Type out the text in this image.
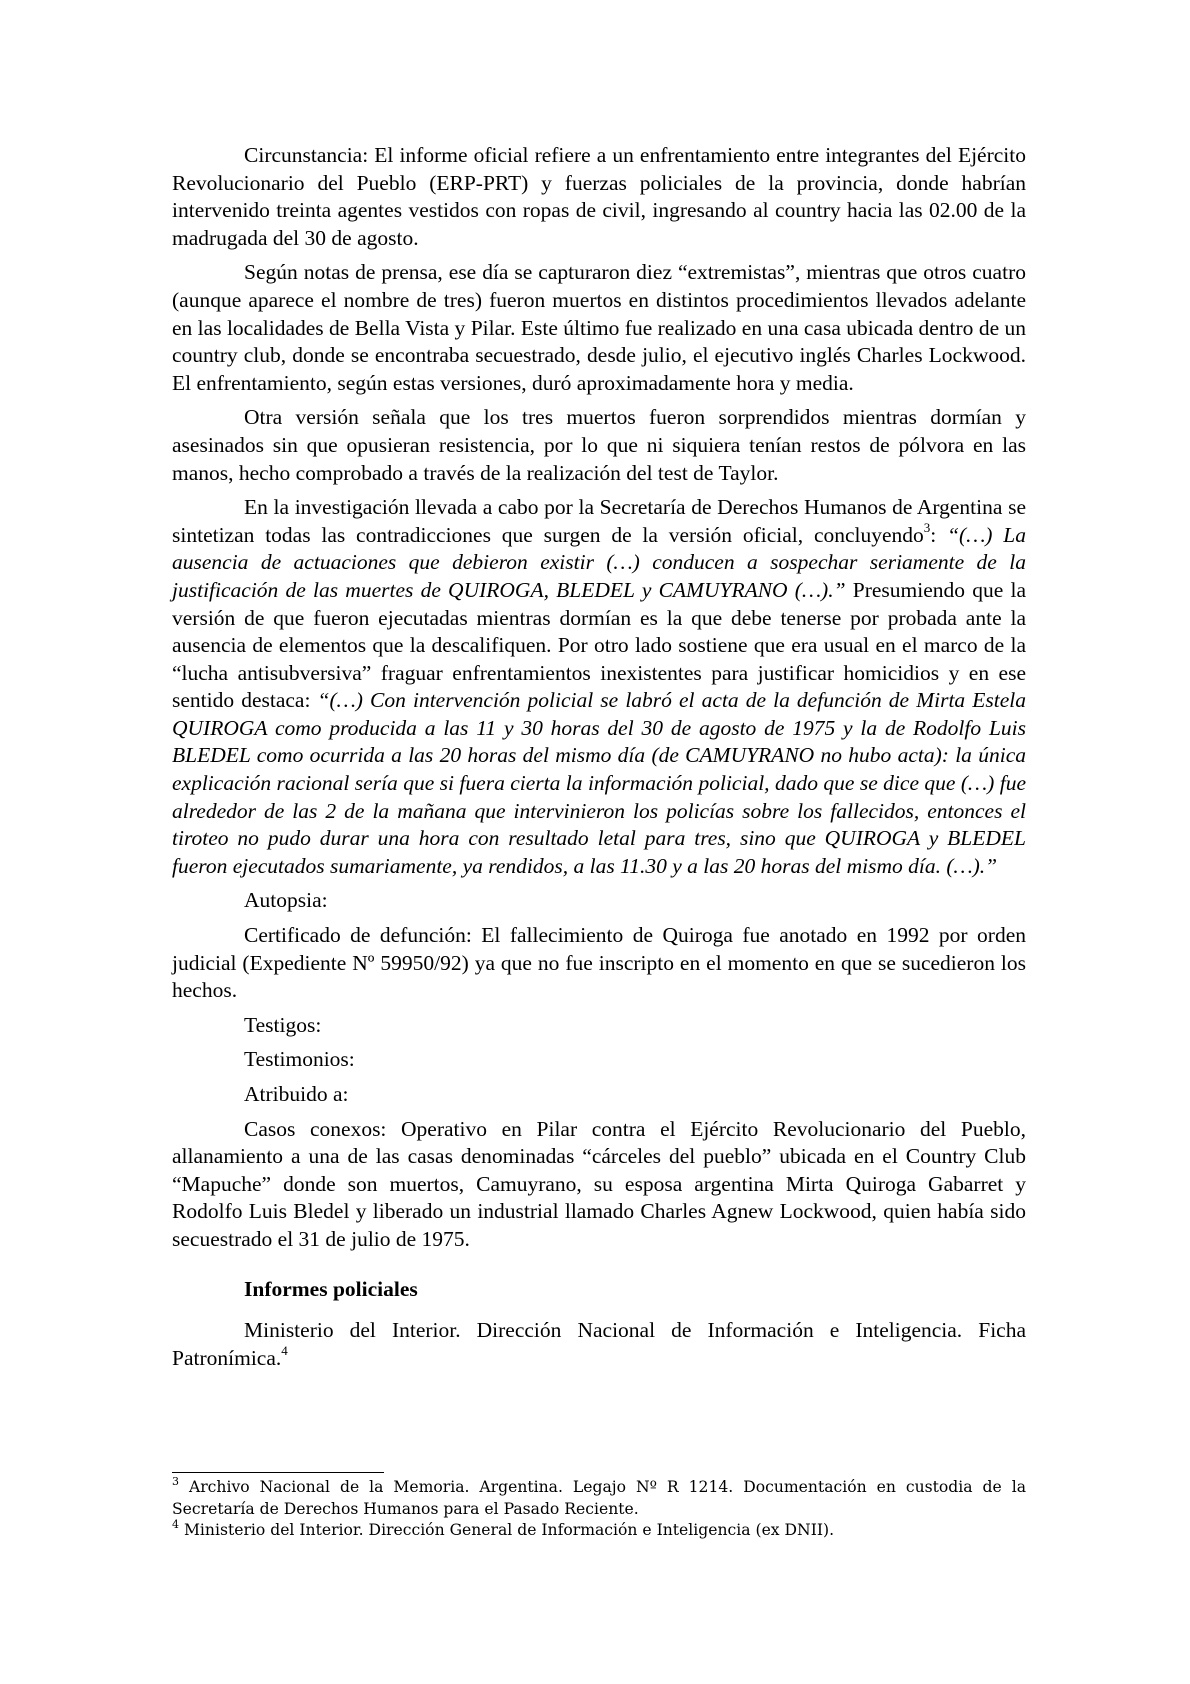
Circunstancia: El informe oficial refiere a un enfrentamiento entre integrantes del Ejército Revolucionario del Pueblo (ERP-PRT) y fuerzas policiales de la provincia, donde habrían intervenido treinta agentes vestidos con ropas de civil, ingresando al country hacia las 02.00 de la madrugada del 30 de agosto.

Según notas de prensa, ese día se capturaron diez “extremistas”, mientras que otros cuatro (aunque aparece el nombre de tres) fueron muertos en distintos procedimientos llevados adelante en las localidades de Bella Vista y Pilar. Este último fue realizado en una casa ubicada dentro de un country club, donde se encontraba secuestrado, desde julio, el ejecutivo inglés Charles Lockwood. El enfrentamiento, según estas versiones, duró aproximadamente hora y media.

Otra versión señala que los tres muertos fueron sorprendidos mientras dormían y asesinados sin que opusieran resistencia, por lo que ni siquiera tenían restos de pólvora en las manos, hecho comprobado a través de la realización del test de Taylor.

En la investigación llevada a cabo por la Secretaría de Derechos Humanos de Argentina se sintetizan todas las contradicciones que surgen de la versión oficial, concluyendo$^3$: “(…) La ausencia de actuaciones que debieron existir (…) conducen a sospechar seriamente de la justificación de las muertes de QUIROGA, BLEDEL y CAMUYRANO (…).” Presumiendo que la versión de que fueron ejecutadas mientras dormían es la que debe tenerse por probada ante la ausencia de elementos que la descalifiquen. Por otro lado sostiene que era usual en el marco de la “lucha antisubversiva” fraguar enfrentamientos inexistentes para justificar homicidios y en ese sentido destaca: “(…) Con intervención policial se labró el acta de la defunción de Mirta Estela QUIROGA como producida a las 11 y 30 horas del 30 de agosto de 1975 y la de Rodolfo Luis BLEDEL como ocurrida a las 20 horas del mismo día (de CAMUYRANO no hubo acta): la única explicación racional sería que si fuera cierta la información policial, dado que se dice que (…) fue alrededor de las 2 de la mañana que intervinieron los policías sobre los fallecidos, entonces el tiroteo no pudo durar una hora con resultado letal para tres, sino que QUIROGA y BLEDEL fueron ejecutados sumariamente, ya rendidos, a las 11.30 y a las 20 horas del mismo día. (…).”

Autopsia:

Certificado de defunción: El fallecimiento de Quiroga fue anotado en 1992 por orden judicial (Expediente Nº 59950/92) ya que no fue inscripto en el momento en que se sucedieron los hechos.

Testigos:

Testimonios:

Atribuido a:

Casos conexos: Operativo en Pilar contra el Ejército Revolucionario del Pueblo, allanamiento a una de las casas denominadas “cárceles del pueblo” ubicada en el Country Club “Mapuche” donde son muertos, Camuyrano, su esposa argentina Mirta Quiroga Gabarret y Rodolfo Luis Bledel y liberado un industrial llamado Charles Agnew Lockwood, quien había sido secuestrado el 31 de julio de 1975.

Informes policiales

Ministerio del Interior. Dirección Nacional de Información e Inteligencia. Ficha Patronímica.$^4$

$^3$ Archivo Nacional de la Memoria. Argentina. Legajo Nº R 1214. Documentación en custodia de la Secretaría de Derechos Humanos para el Pasado Reciente.

$^4$ Ministerio del Interior. Dirección General de Información e Inteligencia (ex DNII).
